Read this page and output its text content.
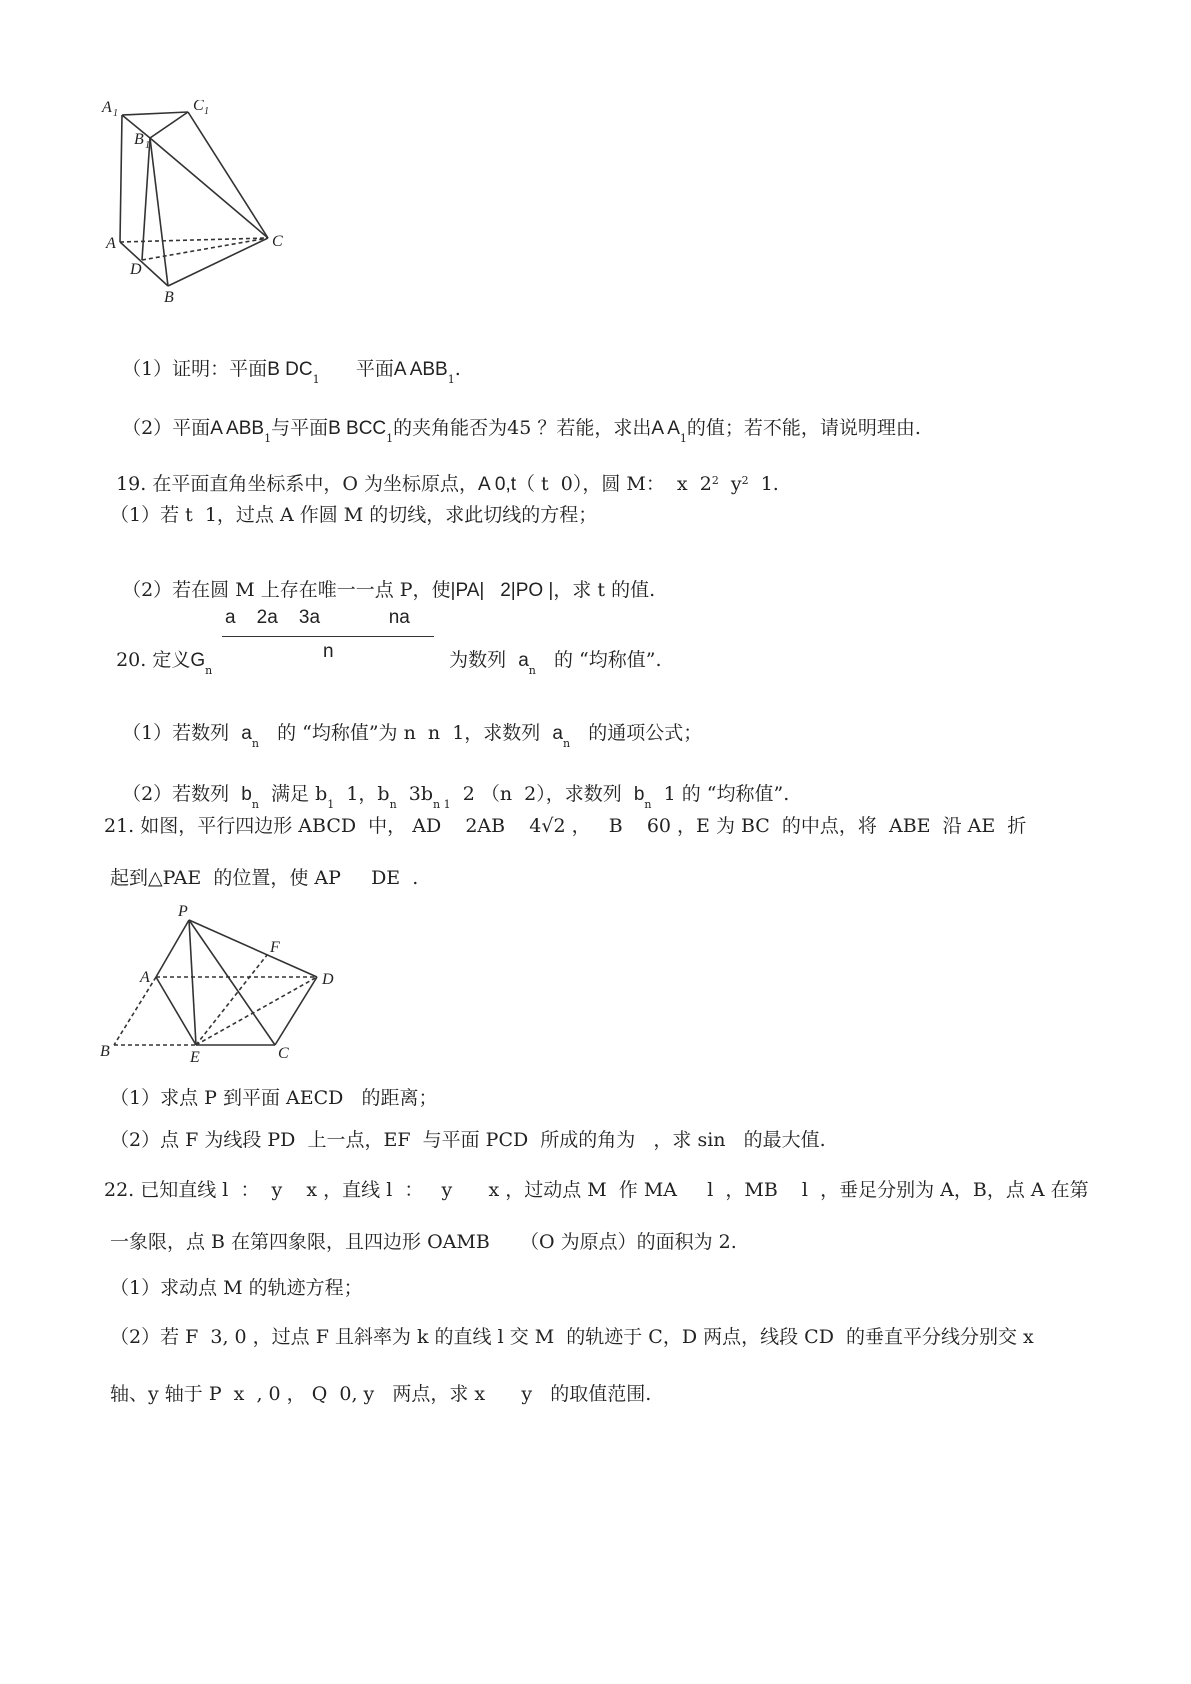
A 1	C 1
B 1
A	C
D
B

（1）证明：平面B $DC_1$ 平面A $ABB_1$.

（2）平面A $ABB_1$与平面B $BCC_1$的夹角能否为45 ？若能，求出A $A_1$的值；若不能，请说明理由.

19. 在平面直角坐标系中，O 为坐标原点，A 0,t（ t  0），圆 M：  x  $2^2$  $y^2$  1.

（1）若 t  1，过点 A 作圆 M 的切线，求此切线的方程；

（2）若在圆 M 上存在唯一一点 P，使|PA|   2|PO |，求 t 的值.

20. 定义$G_n$

a    2a    3a             na
n	为数列 $a_n$ 的 “均称值”.

（1）若数列 $a_n$ 的 “均称值”为 n  n  1，求数列 $a_n$ 的通项公式；

（2）若数列 $b_n$ 满足 $b_1$  1，$b_n$  $3b_{n 1}$  2 （n  2），求数列 $b_n$  1 的 “均称值”.

21. 如图，平行四边形 ABCD  中， AD    2AB    4√2 ，   B    60 ，E 为 BC  的中点，将  ABE  沿 AE  折
起到△PAE  的位置，使 AP     DE  .
P
F
A	D
B	E	C
（1）求点 P 到平面 AECD   的距离；
（2）点 F 为线段 PD  上一点，EF  与平面 PCD  所成的角为   ，求 sin   的最大值.
22. 已知直线 l  ：  y    x ，直线 l  ：   y      x ，过动点 M  作 MA     l  ，MB    l  ，垂足分别为 A，B，点 A 在第
一象限，点 B 在第四象限，且四边形 OAMB     （O 为原点）的面积为 2.
（1）求动点 M 的轨迹方程；
（2）若 F  3, 0 ，过点 F 且斜率为 k 的直线 l 交 M  的轨迹于 C，D 两点，线段 CD  的垂直平分线分别交 x
轴、y 轴于 P  x  , 0 ， Q  0, y   两点，求 x      y   的取值范围.
